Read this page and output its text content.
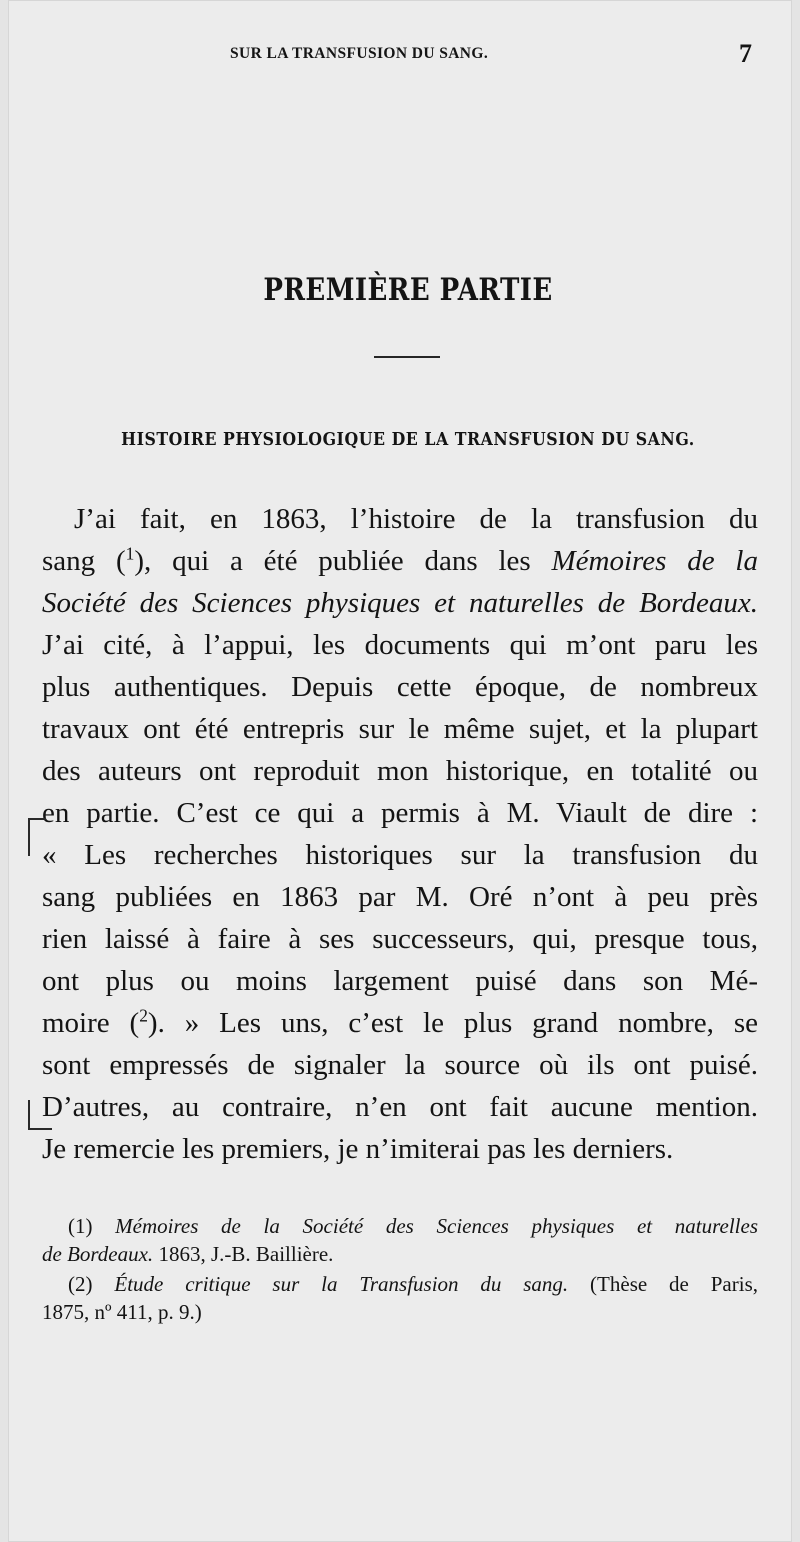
SUR LA TRANSFUSION DU SANG.	7
PREMIÈRE PARTIE
HISTOIRE PHYSIOLOGIQUE DE LA TRANSFUSION DU SANG.
J’ai fait, en 1863, l’histoire de la transfusion du
sang ($^1$), qui a été publiée dans les Mémoires de la
Société des Sciences physiques et naturelles de Bordeaux.
J’ai cité, à l’appui, les documents qui m’ont paru les
plus authentiques. Depuis cette époque, de nombreux
travaux ont été entrepris sur le même sujet, et la plupart
des auteurs ont reproduit mon historique, en totalité ou
en partie. C’est ce qui a permis à M. Viault de dire :
« Les recherches historiques sur la transfusion du
sang publiées en 1863 par M. Oré n’ont à peu près
rien laissé à faire à ses successeurs, qui, presque tous,
ont plus ou moins largement puisé dans son Mé-
moire ($^2$). » Les uns, c’est le plus grand nombre, se
sont empressés de signaler la source où ils ont puisé.
D’autres, au contraire, n’en ont fait aucune mention.
Je remercie les premiers, je n’imiterai pas les derniers.
(1) Mémoires de la Société des Sciences physiques et naturelles
de Bordeaux. 1863, J.-B. Baillière.
(2) Étude critique sur la Transfusion du sang. (Thèse de Paris,
1875, nº 411, p. 9.)
